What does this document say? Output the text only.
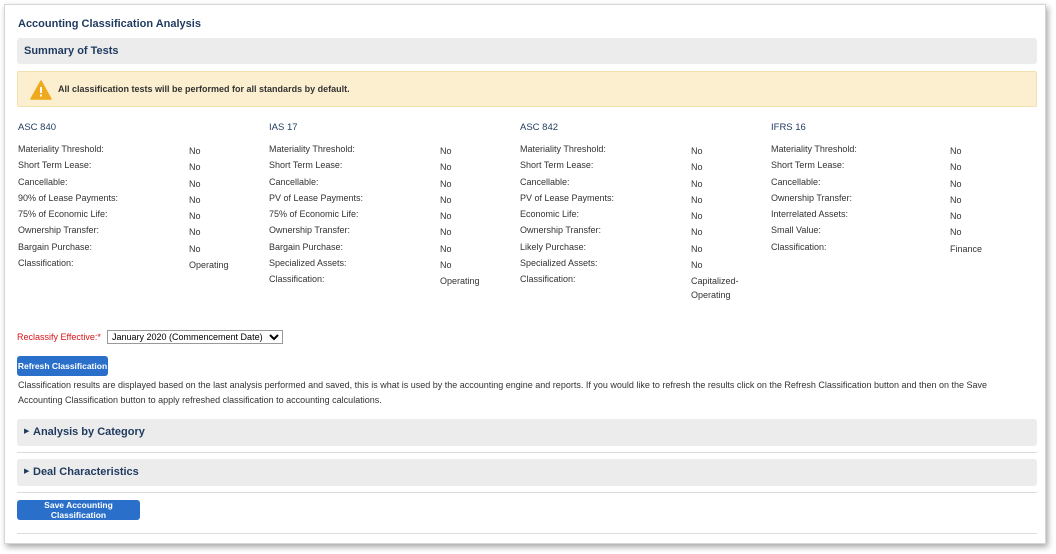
Accounting Classification Analysis
Summary of Tests
All classification tests will be performed for all standards by default.
ASC 840
Materiality Threshold:	No
Short Term Lease:	No
Cancellable:	No
90% of Lease Payments:	No
75% of Economic Life:	No
Ownership Transfer:	No
Bargain Purchase:	No
Classification:	Operating
IAS 17
Materiality Threshold:	No
Short Term Lease:	No
Cancellable:	No
PV of Lease Payments:	No
75% of Economic Life:	No
Ownership Transfer:	No
Bargain Purchase:	No
Specialized Assets:	No
Classification:	Operating
ASC 842
Materiality Threshold:	No
Short Term Lease:	No
Cancellable:	No
PV of Lease Payments:	No
Economic Life:	No
Ownership Transfer:	No
Likely Purchase:	No
Specialized Assets:	No
Classification:	Capitalized-
Operating
IFRS 16
Materiality Threshold:	No
Short Term Lease:	No
Cancellable:	No
Ownership Transfer:	No
Interrelated Assets:	No
Small Value:	No
Classification:	Finance
Reclassify Effective:*
January 2020 (Commencement Date)
Refresh Classification
Classification results are displayed based on the last analysis performed and saved, this is what is used by the accounting engine and reports. If you would like to refresh the results click on the Refresh Classification button and then on the Save Accounting Classification button to apply refreshed classification to accounting calculations.
▶ Analysis by Category
▶ Deal Characteristics
Save Accounting Classification
